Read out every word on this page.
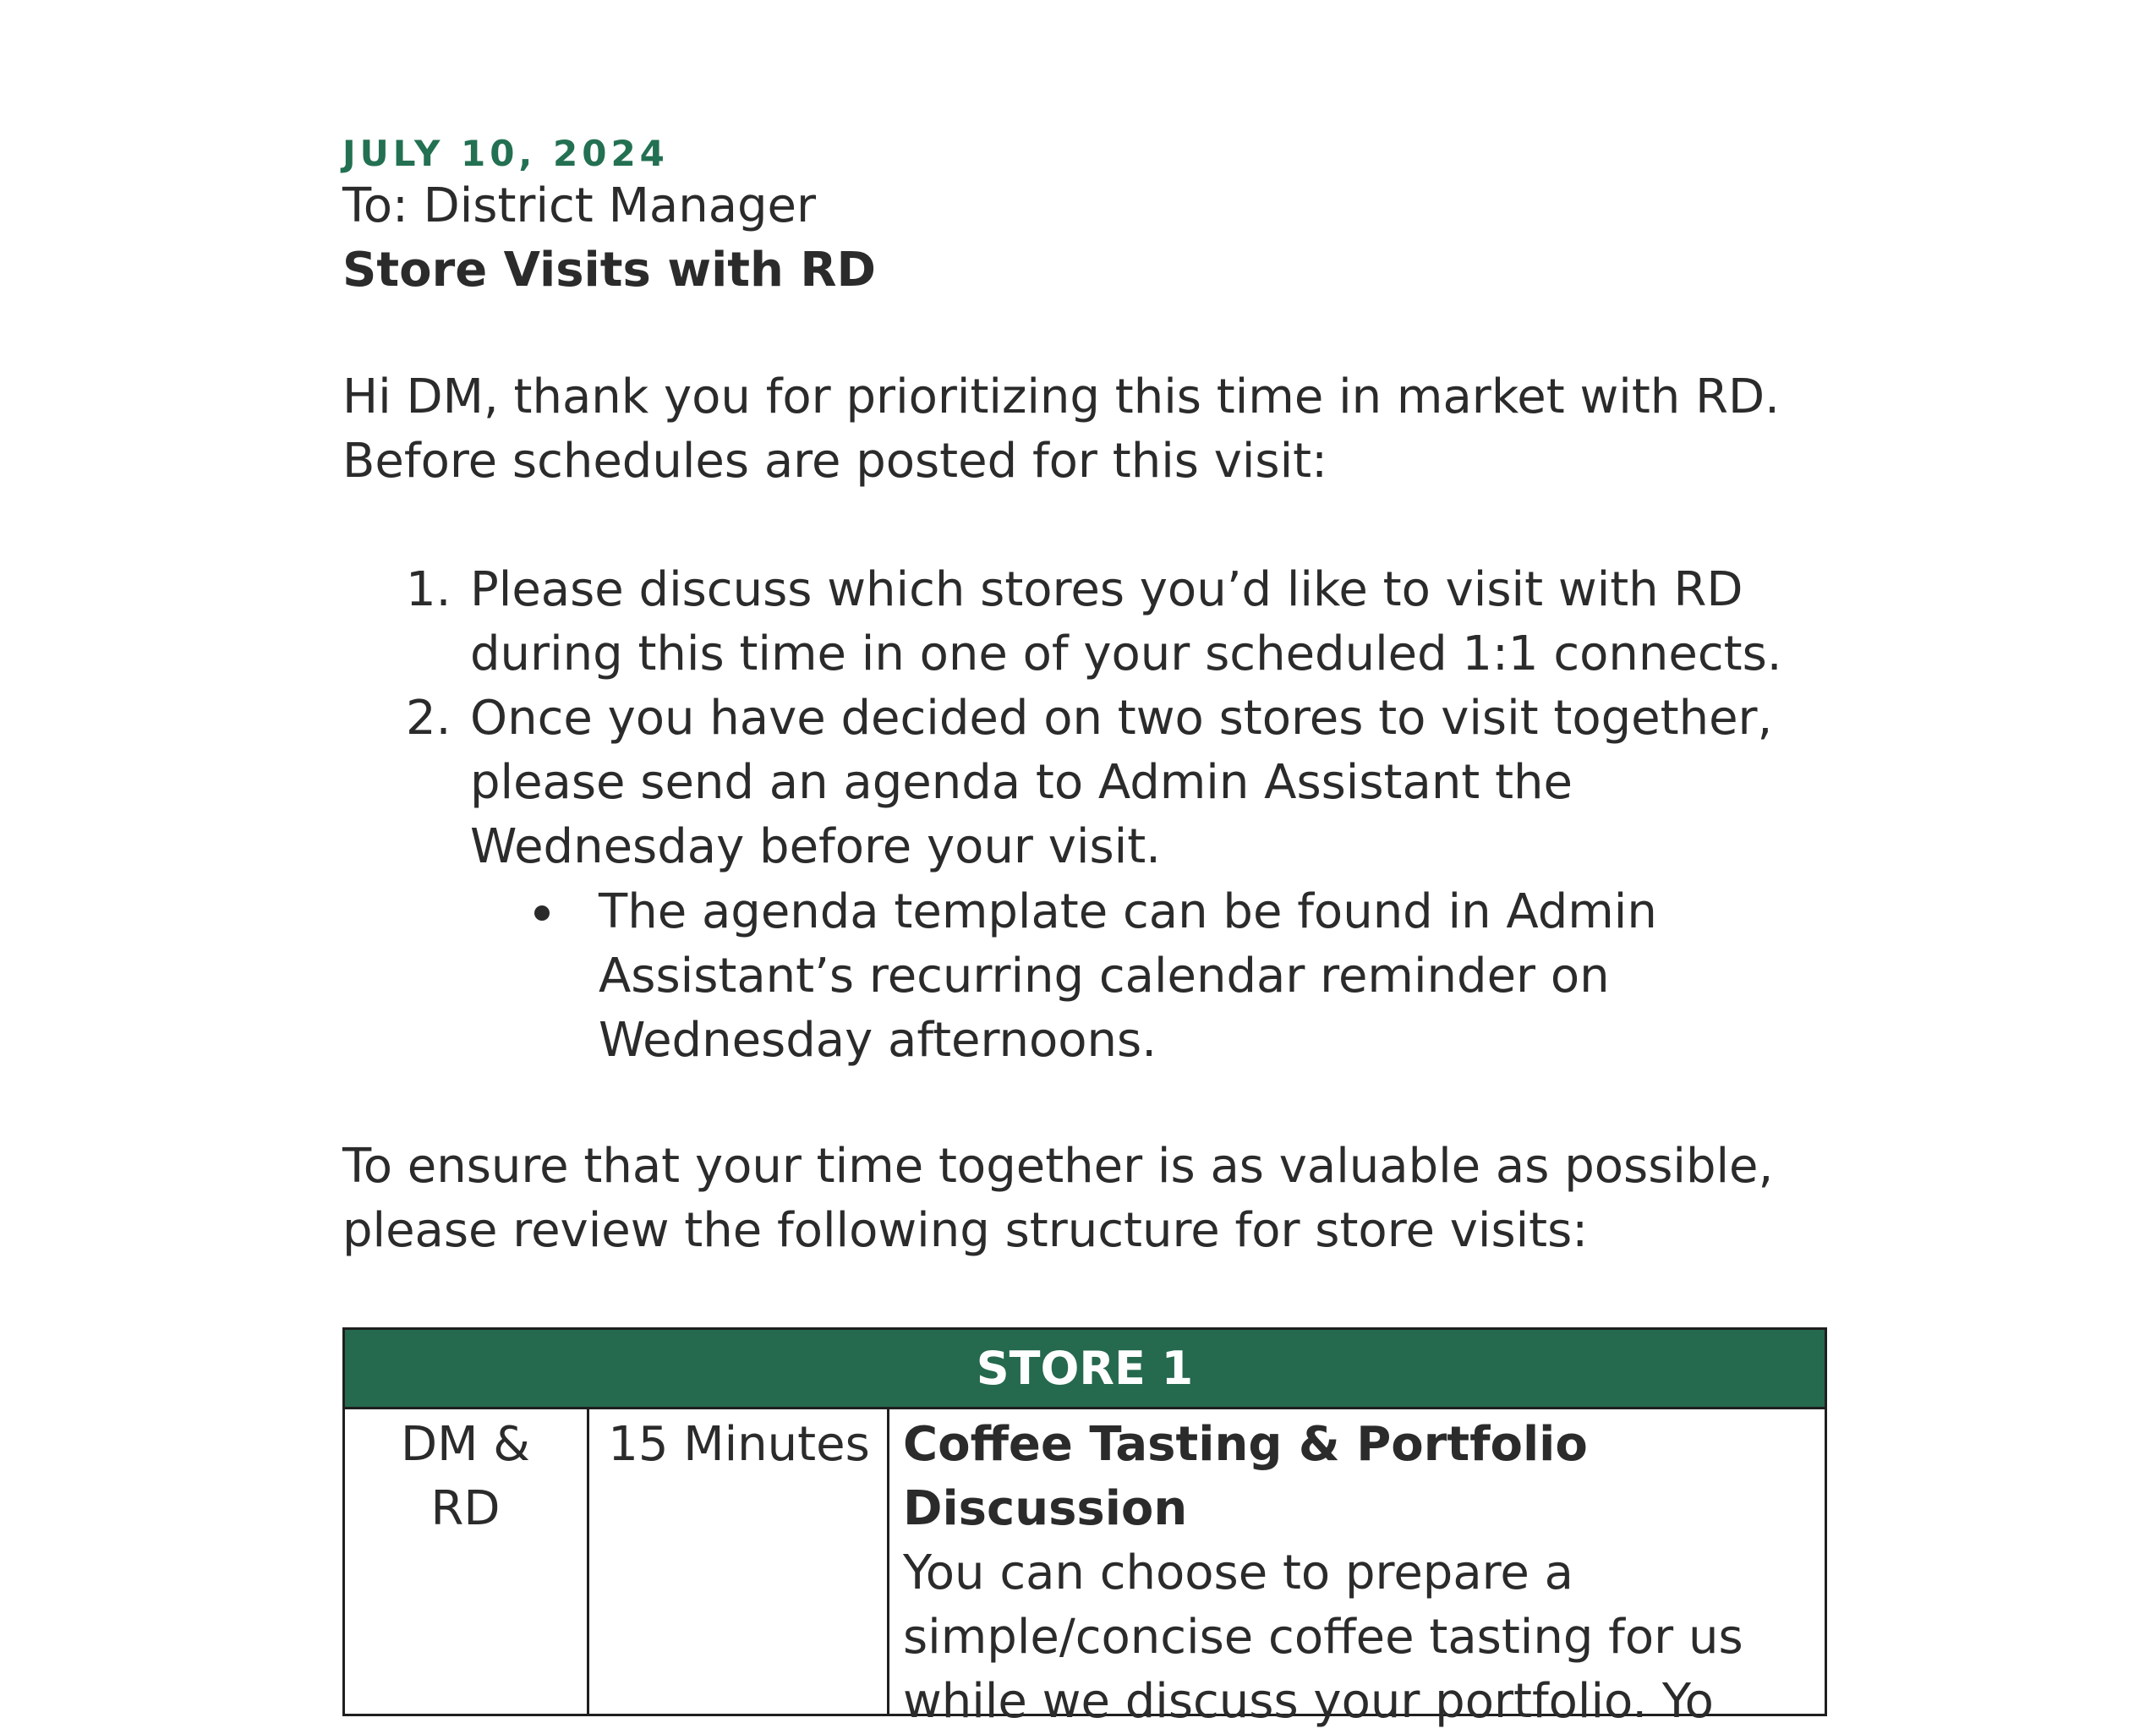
JULY 10, 2024

To: District Manager

Store Visits with RD

Hi DM, thank you for prioritizing this time in market with RD.
Before schedules are posted for this visit:
1. Please discuss which stores you’d like to visit with RD
during this time in one of your scheduled 1:1 connects.
2. Once you have decided on two stores to visit together,
please send an agenda to Admin Assistant the
Wednesday before your visit.
The agenda template can be found in Admin
Assistant’s recurring calendar reminder on
Wednesday afternoons.
To ensure that your time together is as valuable as possible,
please review the following structure for store visits:
STORE 1
DM &
RD
15 Minutes Coffee Tasting & Portfolio
Discussion
You can choose to prepare a
simple/concise coffee tasting for us
while we discuss your portfolio. Yo
